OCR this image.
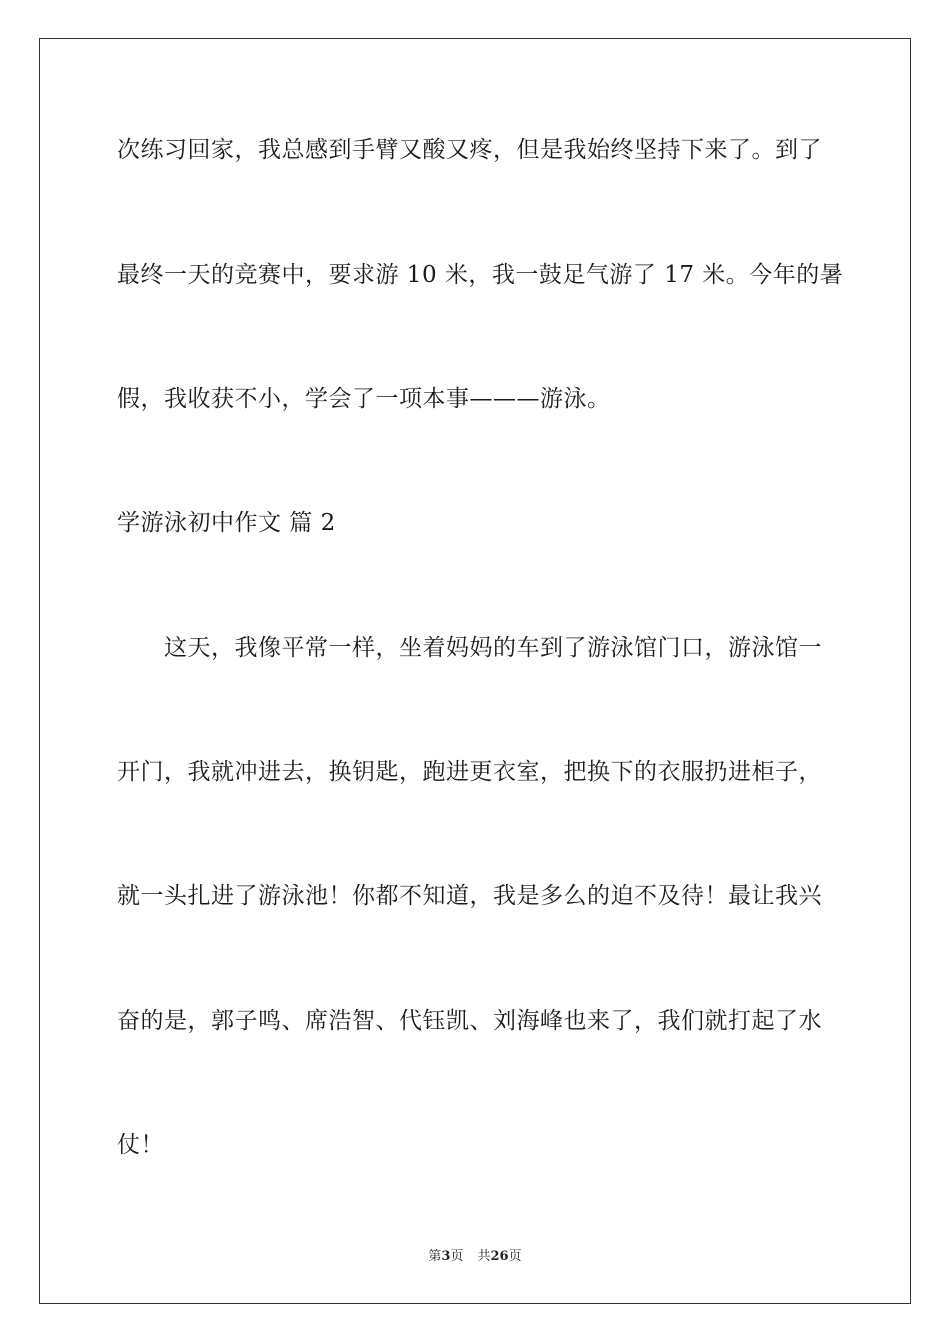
次练习回家，我总感到手臂又酸又疼，但是我始终坚持下来了。到了
最终一天的竞赛中，要求游 10 米，我一鼓足气游了 17 米。今年的暑
假，我收获不小，学会了一项本事———游泳。
学游泳初中作文 篇 2
这天，我像平常一样，坐着妈妈的车到了游泳馆门口，游泳馆一
开门，我就冲进去，换钥匙，跑进更衣室，把换下的衣服扔进柜子，
就一头扎进了游泳池！你都不知道，我是多么的迫不及待！最让我兴
奋的是，郭子鸣、席浩智、代钰凯、刘海峰也来了，我们就打起了水
仗！
第3页 共26页
